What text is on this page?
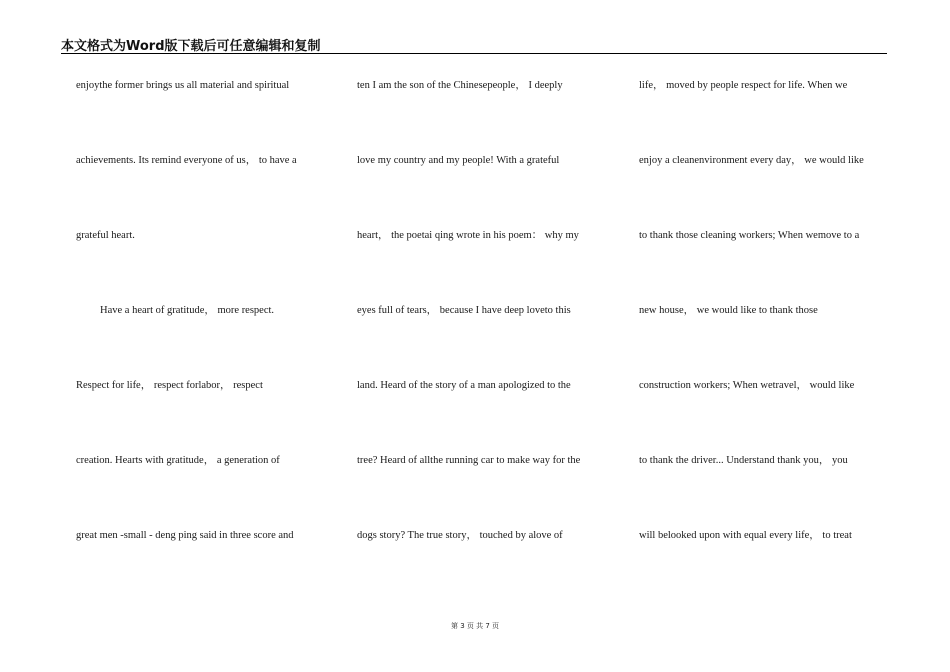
本文格式为Word版下载后可任意编辑和复制
enjoythe former brings us all material and spiritual
achievements. Its remind everyone of us， to have a
grateful heart.
Have a heart of gratitude， more respect.
Respect for life， respect forlabor， respect
creation. Hearts with gratitude， a generation of
great men -small - deng ping said in three score and
ten I am the son of the Chinesepeople， I deeply
love my country and my people! With a grateful
heart， the poetai qing wrote in his poem： why my
eyes full of tears， because I have deep loveto this
land. Heard of the story of a man apologized to the
tree? Heard of allthe running car to make way for the
dogs story? The true story， touched by alove of
life， moved by people respect for life. When we
enjoy a cleanenvironment every day， we would like
to thank those cleaning workers; When wemove to a
new house， we would like to thank those
construction workers; When wetravel， would like
to thank the driver... Understand thank you， you
will belooked upon with equal every life， to treat
第 3 页 共 7 页
